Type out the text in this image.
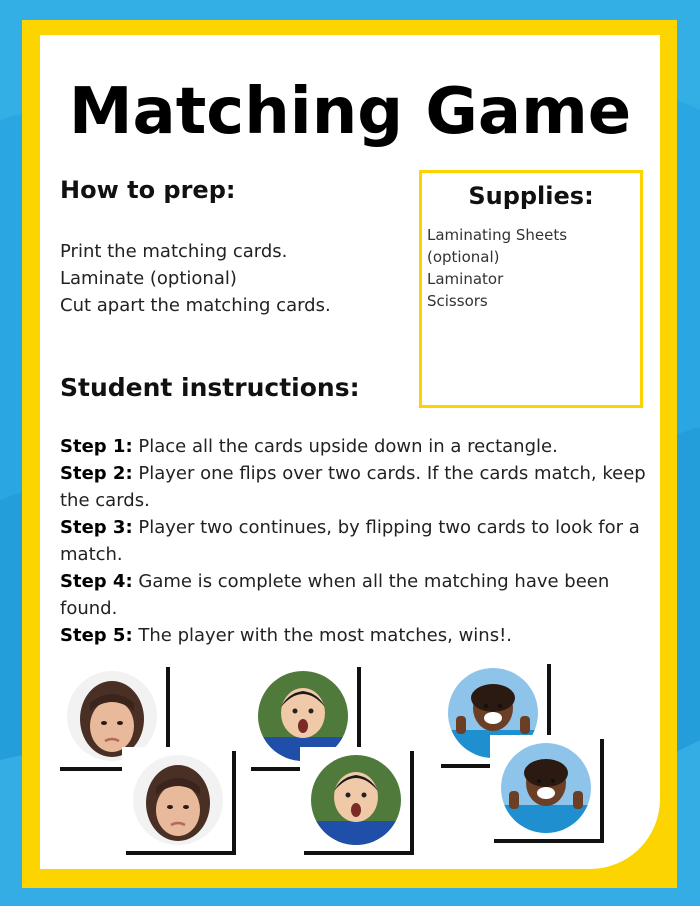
Matching Game
How to prep:
Print the matching cards.
Laminate (optional)
Cut apart the matching cards.
Supplies:
Laminating Sheets
(optional)
Laminator
Scissors
Student instructions:

Step 1: Place all the cards upside down in a rectangle.

Step 2: Player one flips over two cards. If the cards match, keep the cards.

Step 3: Player two continues, by flipping two cards to look for a match.

Step 4: Game is complete when all the matching have been found.

Step 5: The player with the most matches, wins!.
